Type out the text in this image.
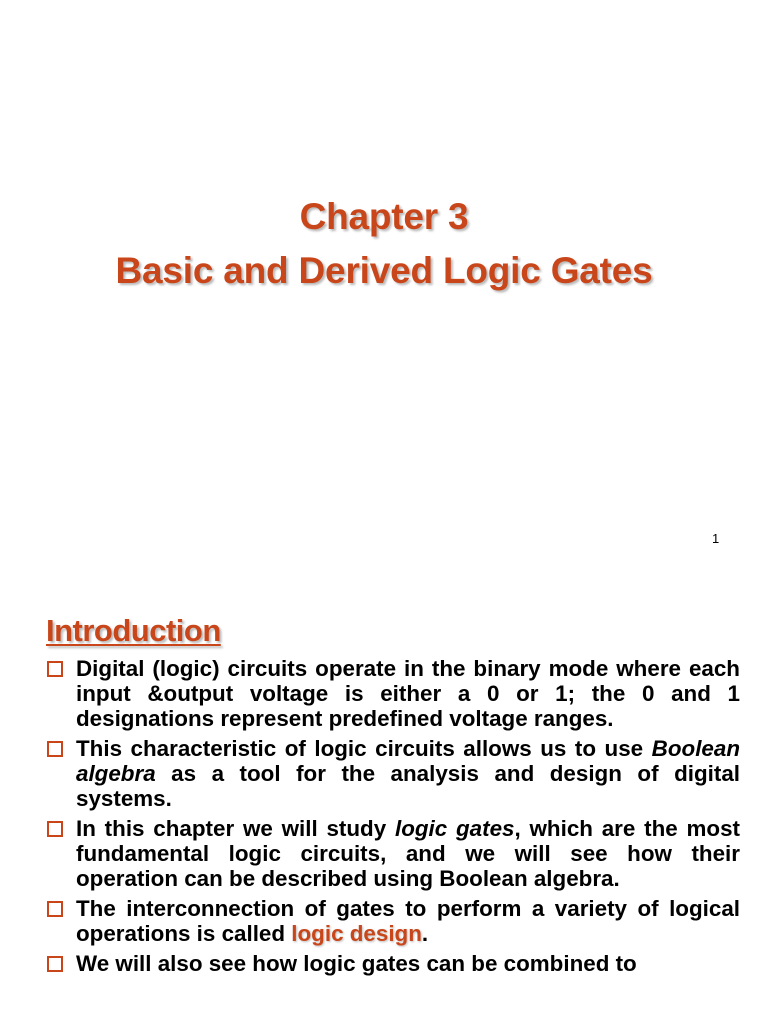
Chapter 3
Basic and Derived Logic Gates
1
Introduction
Digital (logic) circuits operate in the binary mode where each input &output voltage is either a 0 or 1; the 0 and 1 designations represent predefined voltage ranges.
This characteristic of logic circuits allows us to use Boolean algebra as a tool for the analysis and design of digital systems.
In this chapter we will study logic gates, which are the most fundamental logic circuits, and we will see how their operation can be described using Boolean algebra.
The interconnection of gates to perform a variety of logical operations is called logic design.
We will also see how logic gates can be combined to
